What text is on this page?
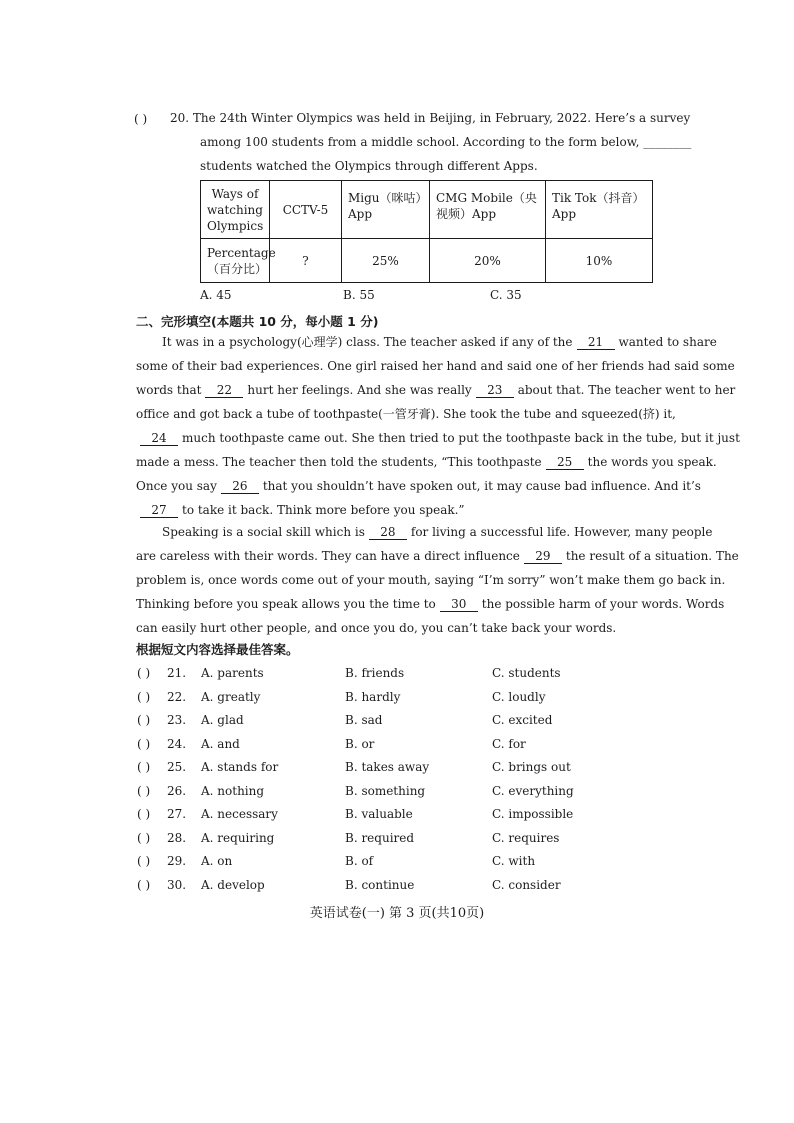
( ) 20. The 24th Winter Olympics was held in Beijing, in February, 2022. Here’s a survey
among 100 students from a middle school. According to the form below, ________
students watched the Olympics through different Apps.
Ways of watching Olympics	CCTV-5	Migu（咪咕）App	CMG Mobile（央视频）App	Tik Tok（抖音）App
Percentage（百分比）	?	25%	20%	10%
A. 45	B. 55	C. 35
二、完形填空(本题共 10 分，每小题 1 分)
It was in a psychology(心理学) class. The teacher asked if any of the 21 wanted to share
some of their bad experiences. One girl raised her hand and said one of her friends had said some
words that 22 hurt her feelings. And she was really 23 about that. The teacher went to her
office and got back a tube of toothpaste(一管牙膏). She took the tube and squeezed(挤) it,
24 much toothpaste came out. She then tried to put the toothpaste back in the tube, but it just
made a mess. The teacher then told the students, “This toothpaste 25 the words you speak.
Once you say 26 that you shouldn’t have spoken out, it may cause bad influence. And it’s
27 to take it back. Think more before you speak.”
Speaking is a social skill which is 28 for living a successful life. However, many people
are careless with their words. They can have a direct influence 29 the result of a situation. The
problem is, once words come out of your mouth, saying “I’m sorry” won’t make them go back in.
Thinking before you speak allows you the time to 30 the possible harm of your words. Words
can easily hurt other people, and once you do, you can’t take back your words.
根据短文内容选择最佳答案。
( ) 21. A. parents	B. friends	C. students
( ) 22. A. greatly	B. hardly	C. loudly
( ) 23. A. glad	B. sad	C. excited
( ) 24. A. and	B. or	C. for
( ) 25. A. stands for	B. takes away	C. brings out
( ) 26. A. nothing	B. something	C. everything
( ) 27. A. necessary	B. valuable	C. impossible
( ) 28. A. requiring	B. required	C. requires
( ) 29. A. on	B. of	C. with
( ) 30. A. develop	B. continue	C. consider
英语试卷(一) 第 3 页(共10页)
